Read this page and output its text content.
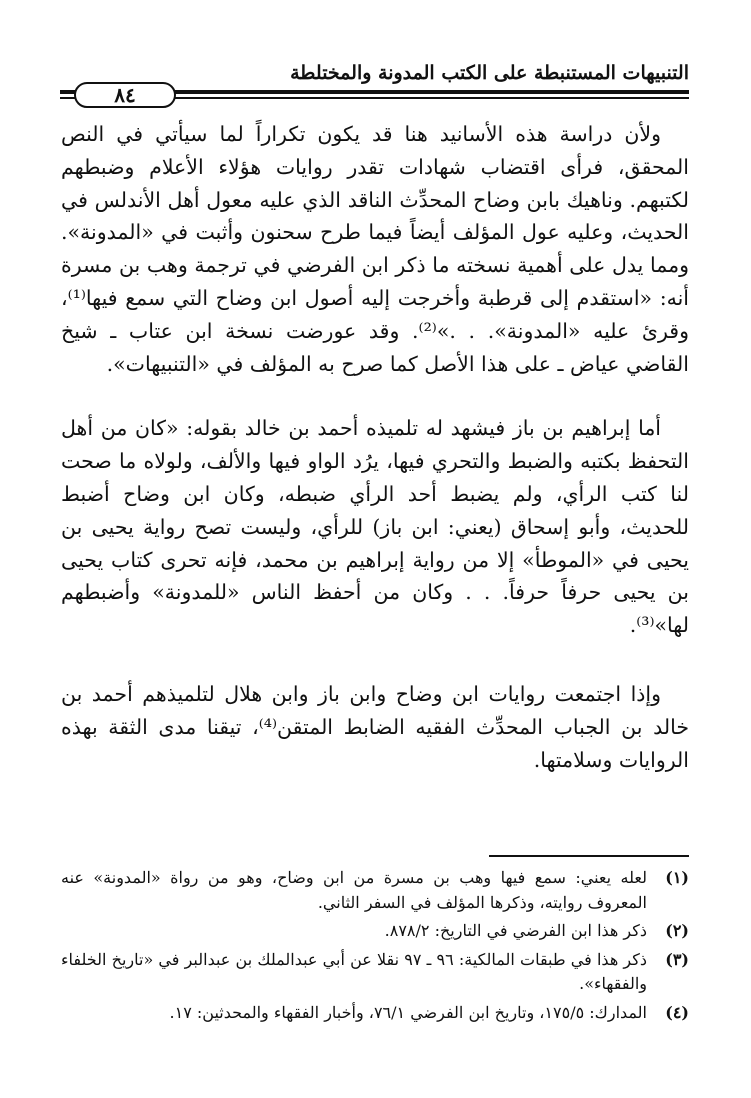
التنبيهات المستنبطة على الكتب المدونة والمختلطة
٨٤

ولأن دراسة هذه الأسانيد هنا قد يكون تكراراً لما سيأتي في النص المحقق، فرأى اقتضاب شهادات تقدر روايات هؤلاء الأعلام وضبطهم لكتبهم. وناهيك بابن وضاح المحدِّث الناقد الذي عليه معول أهل الأندلس في الحديث، وعليه عول المؤلف أيضاً فيما طرح سحنون وأثبت في «المدونة». ومما يدل على أهمية نسخته ما ذكر ابن الفرضي في ترجمة وهب بن مسرة أنه: «استقدم إلى قرطبة وأخرجت إليه أصول ابن وضاح التي سمع فيها⁽¹⁾، وقرئ عليه «المدونة». . .»⁽²⁾. وقد عورضت نسخة ابن عتاب ـ شيخ القاضي عياض ـ على هذا الأصل كما صرح به المؤلف في «التنبيهات».

أما إبراهيم بن باز فيشهد له تلميذه أحمد بن خالد بقوله: «كان من أهل التحفظ بكتبه والضبط والتحري فيها، يرُد الواو فيها والألف، ولولاه ما صحت لنا كتب الرأي، ولم يضبط أحد الرأي ضبطه، وكان ابن وضاح أضبط للحديث، وأبو إسحاق (يعني: ابن باز) للرأي، وليست تصح رواية يحيى بن يحيى في «الموطأ» إلا من رواية إبراهيم بن محمد، فإنه تحرى كتاب يحيى بن يحيى حرفاً حرفاً. . . وكان من أحفظ الناس «للمدونة» وأضبطهم لها»⁽³⁾.

وإذا اجتمعت روايات ابن وضاح وابن باز وابن هلال لتلميذهم أحمد بن خالد بن الجباب المحدِّث الفقيه الضابط المتقن⁽⁴⁾، تيقنا مدى الثقة بهذه الروايات وسلامتها.

(١)
لعله يعني: سمع فيها وهب بن مسرة من ابن وضاح، وهو من رواة «المدونة» عنه المعروف روايته، وذكرها المؤلف في السفر الثاني.
(٢)
ذكر هذا ابن الفرضي في التاريخ: ٨٧٨/٢.
(٣)
ذكر هذا في طبقات المالكية: ٩٦ ـ ٩٧ نقلا عن أبي عبدالملك بن عبدالبر في «تاريخ الخلفاء والفقهاء».
(٤)
المدارك: ١٧٥/٥، وتاريخ ابن الفرضي ٧٦/١، وأخبار الفقهاء والمحدثين: ١٧.
